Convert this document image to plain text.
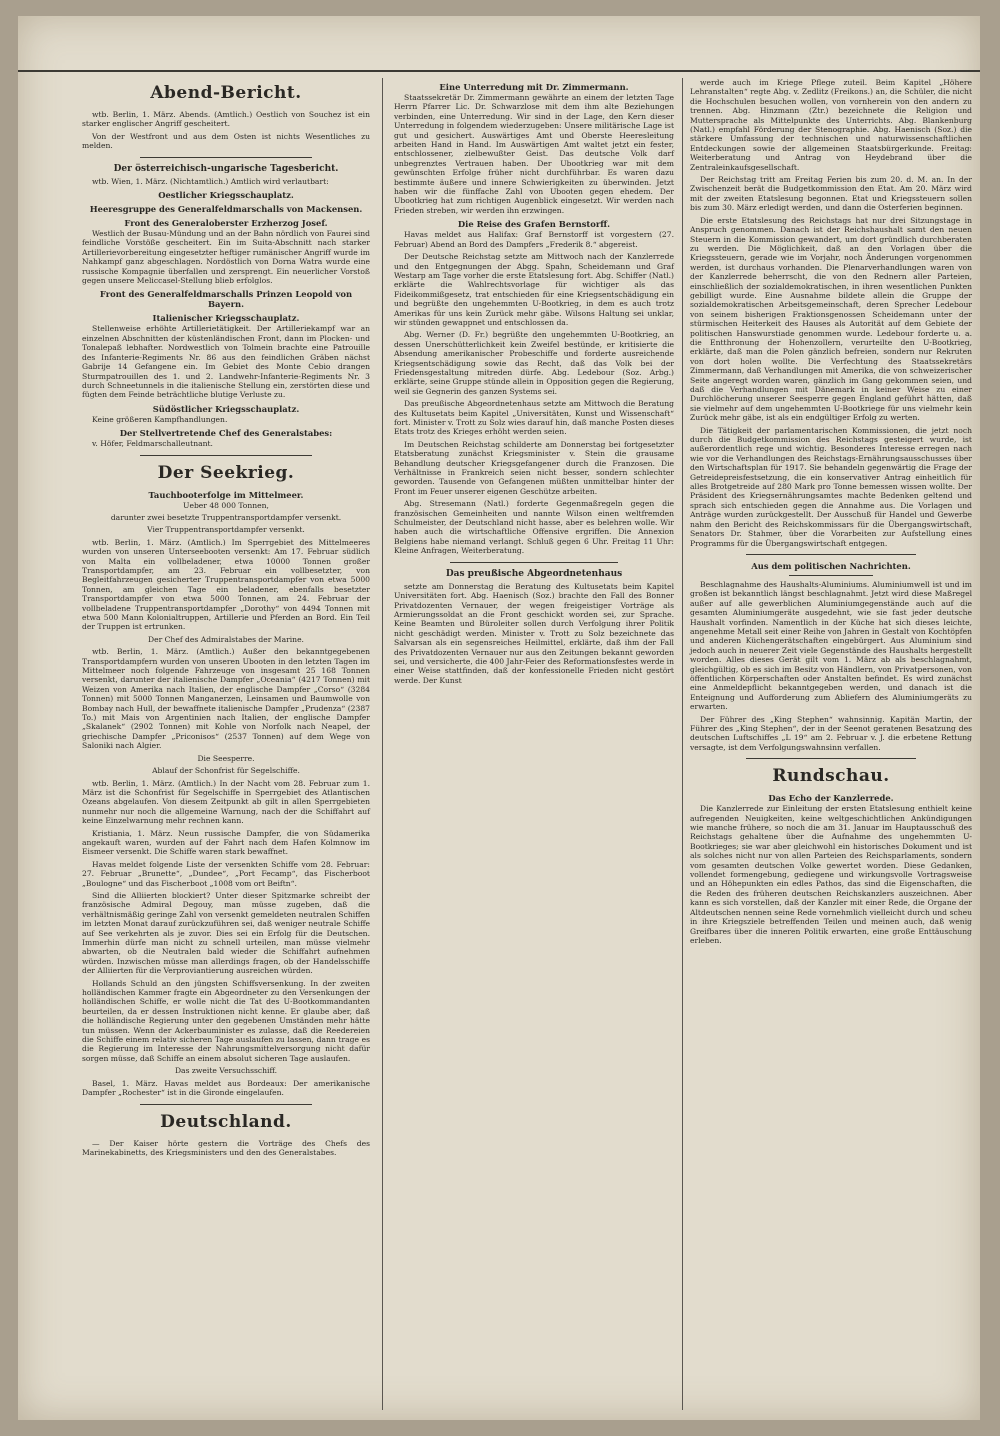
Abend-Bericht.

wtb. Berlin, 1. März. Abends. (Amtlich.) Oestlich von Souchez ist ein starker englischer Angriff gescheitert.

Von der Westfront und aus dem Osten ist nichts Wesentliches zu melden.

Der österreichisch-ungarische Tagesbericht.

wtb. Wien, 1. März. (Nichtamtlich.) Amtlich wird verlautbart:

Oestlicher Kriegsschauplatz.
Heeresgruppe des Generalfeldmarschalls von Mackensen.
Front des Generaloberster Erzherzog Josef.

Westlich der Busau-Mündung und an der Bahn nördlich von Faurei sind feindliche Vorstöße gescheitert. Ein im Suita-Abschnitt nach starker Artillerievorbereitung eingesetzter heftiger rumänischer Angriff wurde im Nahkampf ganz abgeschlagen. Nordöstlich von Dorna Watra wurde eine russische Kompagnie überfallen und zersprengt. Ein neuerlicher Vorstoß gegen unsere Meliccasel-Stellung blieb erfolglos.

Front des Generalfeldmarschalls Prinzen Leopold von Bayern.
Italienischer Kriegsschauplatz.

Stellenweise erhöhte Artillerietätigkeit. Der Artilleriekampf war an einzelnen Abschnitten der küstenländischen Front, dann im Plocken- und Tonalepaß lebhafter. Nordwestlich von Tolmein brachte eine Patrouille des Infanterie-Regiments Nr. 86 aus den feindlichen Gräben nächst Gabrije 14 Gefangene ein. Im Gebiet des Monte Cebio drangen Sturmpatrouillen des 1. und 2. Landwehr-Infanterie-Regiments Nr. 3 durch Schneetunnels in die italienische Stellung ein, zerstörten diese und fügten dem Feinde beträchtliche blutige Verluste zu.

Südöstlicher Kriegsschauplatz.

Keine größeren Kampfhandlungen.

Der Stellvertretende Chef des Generalstabes:

v. Höfer, Feldmarschalleutnant.

Der Seekrieg.
Tauchbooterfolge im Mittelmeer.

Ueber 48 000 Tonnen,

darunter zwei besetzte Truppentransportdampfer versenkt.

Vier Truppentransportdampfer versenkt.

wtb. Berlin, 1. März. (Amtlich.) Im Sperrgebiet des Mittelmeeres wurden von unseren Unterseebooten versenkt: Am 17. Februar südlich von Malta ein vollbeladener, etwa 10000 Tonnen großer Transportdampfer, am 23. Februar ein vollbesetzter, von Begleitfahrzeugen gesicherter Truppentransportdampfer von etwa 5000 Tonnen, am gleichen Tage ein beladener, ebenfalls besetzter Transportdampfer von etwa 5000 Tonnen, am 24. Februar der vollbeladene Truppentransportdampfer „Dorothy“ von 4494 Tonnen mit etwa 500 Mann Kolonialtruppen, Artillerie und Pferden an Bord. Ein Teil der Truppen ist ertrunken.

Der Chef des Admiralstabes der Marine.

wtb. Berlin, 1. März. (Amtlich.) Außer den bekanntgegebenen Transportdampfern wurden von unseren Ubooten in den letzten Tagen im Mittelmeer noch folgende Fahrzeuge von insgesamt 25 168 Tonnen versenkt, darunter der italienische Dampfer „Oceania“ (4217 Tonnen) mit Weizen von Amerika nach Italien, der englische Dampfer „Corso“ (3284 Tonnen) mit 5000 Tonnen Manganerzen, Leinsamen und Baumwolle von Bombay nach Hull, der bewaffnete italienische Dampfer „Prudenza“ (2387 To.) mit Mais von Argentinien nach Italien, der englische Dampfer „Skalanek“ (2902 Tonnen) mit Kohle von Norfolk nach Neapel, der griechische Dampfer „Priconisos“ (2537 Tonnen) auf dem Wege von Saloniki nach Algier.

Die Seesperre.

Ablauf der Schonfrist für Segelschiffe.

wtb. Berlin, 1. März. (Amtlich.) In der Nacht vom 28. Februar zum 1. März ist die Schonfrist für Segelschiffe in Sperrgebiet des Atlantischen Ozeans abgelaufen. Von diesem Zeitpunkt ab gilt in allen Sperrgebieten nunmehr nur noch die allgemeine Warnung, nach der die Schiffahrt auf keine Einzelwarnung mehr rechnen kann.

Kristiania, 1. März. Neun russische Dampfer, die von Südamerika angekauft waren, wurden auf der Fahrt nach dem Hafen Kolmnow im Eismeer versenkt. Die Schiffe waren stark bewaffnet.

Havas meldet folgende Liste der versenkten Schiffe vom 28. Februar: 27. Februar „Brunette“, „Dundee“, „Port Fecamp“, das Fischerboot „Boulogne“ und das Fischerboot „1008 vom ort Beiftn“.

Sind die Alliierten blockiert? Unter dieser Spitzmarke schreibt der französische Admiral Degouy, man müsse zugeben, daß die verhältnismäßig geringe Zahl von versenkt gemeldeten neutralen Schiffen im letzten Monat darauf zurückzuführen sei, daß weniger neutrale Schiffe auf See verkehrten als je zuvor. Dies sei ein Erfolg für die Deutschen. Immerhin dürfe man nicht zu schnell urteilen, man müsse vielmehr abwarten, ob die Neutralen bald wieder die Schiffahrt aufnehmen würden. Inzwischen müsse man allerdings fragen, ob der Handelsschiffe der Alliierten für die Verproviantierung ausreichen würden.

Hollands Schuld an den jüngsten Schiffsversenkung. In der zweiten holländischen Kammer fragte ein Abgeordneter zu den Versenkungen der holländischen Schiffe, er wolle nicht die Tat des U-Bootkommandanten beurteilen, da er dessen Instruktionen nicht kenne. Er glaube aber, daß die holländische Regierung unter den gegebenen Umständen mehr hätte tun müssen. Wenn der Ackerbauminister es zulasse, daß die Reedereien die Schiffe einem relativ sicheren Tage auslaufen zu lassen, dann trage es die Regierung im Interesse der Nahrungsmittelversorgung nicht dafür sorgen müsse, daß Schiffe an einem absolut sicheren Tage auslaufen.

Das zweite Versuchsschiff.

Basel, 1. März. Havas meldet aus Bordeaux: Der amerikanische Dampfer „Rochester“ ist in die Gironde eingelaufen.

Deutschland.

— Der Kaiser hörte gestern die Vorträge des Chefs des Marinekabinetts, des Kriegsministers und den des Generalstabes.

Eine Unterredung mit Dr. Zimmermann.

Staatssekretär Dr. Zimmermann gewährte an einem der letzten Tage Herrn Pfarrer Lic. Dr. Schwarzlose mit dem ihm alte Beziehungen verbinden, eine Unterredung. Wir sind in der Lage, den Kern dieser Unterredung in folgendem wiederzugeben: Unsere militärische Lage ist gut und gesichert. Auswärtiges Amt und Oberste Heeresleitung arbeiten Hand in Hand. Im Auswärtigen Amt waltet jetzt ein fester, entschlossener, zielbewußter Geist. Das deutsche Volk darf unbegrenztes Vertrauen haben. Der Ubootkrieg war mit dem gewünschten Erfolge früher nicht durchführbar. Es waren dazu bestimmte äußere und innere Schwierigkeiten zu überwinden. Jetzt haben wir die fünffache Zahl von Ubooten gegen ehedem. Der Ubootkrieg hat zum richtigen Augenblick eingesetzt. Wir werden nach Frieden streben, wir werden ihn erzwingen.

Die Reise des Grafen Bernstorff.

Havas meldet aus Halifax: Graf Bernstorff ist vorgestern (27. Februar) Abend an Bord des Dampfers „Frederik 8.“ abgereist.

Der Deutsche Reichstag setzte am Mittwoch nach der Kanzlerrede und den Entgegnungen der Abgg. Spahn, Scheidemann und Graf Westarp am Tage vorher die erste Etatslesung fort. Abg. Schiffer (Natl.) erklärte die Wahlrechtsvorlage für wichtiger als das Fideikommißgesetz, trat entschieden für eine Kriegsentschädigung ein und begrüßte den ungehemmten U-Bootkrieg, in dem es auch trotz Amerikas für uns kein Zurück mehr gäbe. Wilsons Haltung sei unklar, wir stünden gewappnet und entschlossen da.

Abg. Werner (D. Fr.) begrüßte den ungehemmten U-Bootkrieg, an dessen Unerschütterlichkeit kein Zweifel bestünde, er kritisierte die Absendung amerikanischer Probeschiffe und forderte ausreichende Kriegsentschädigung sowie das Recht, daß das Volk bei der Friedensgestaltung mitreden dürfe. Abg. Ledebour (Soz. Arbg.) erklärte, seine Gruppe stünde allein in Opposition gegen die Regierung, weil sie Gegnerin des ganzen Systems sei.

Das preußische Abgeordnetenhaus setzte am Mittwoch die Beratung des Kultusetats beim Kapitel „Universitäten, Kunst und Wissenschaft“ fort. Minister v. Trott zu Solz wies darauf hin, daß manche Posten dieses Etats trotz des Krieges erhöht werden seien.

Im Deutschen Reichstag schilderte am Donnerstag bei fortgesetzter Etatsberatung zunächst Kriegsminister v. Stein die grausame Behandlung deutscher Kriegsgefangener durch die Franzosen. Die Verhältnisse in Frankreich seien nicht besser, sondern schlechter geworden. Tausende von Gefangenen müßten unmittelbar hinter der Front im Feuer unserer eigenen Geschütze arbeiten.

Abg. Stresemann (Natl.) forderte Gegenmaßregeln gegen die französischen Gemeinheiten und nannte Wilson einen weltfremden Schulmeister, der Deutschland nicht hasse, aber es belehren wolle. Wir haben auch die wirtschaftliche Offensive ergriffen. Die Annexion Belgiens habe niemand verlangt. Schluß gegen 6 Uhr. Freitag 11 Uhr: Kleine Anfragen, Weiterberatung.

Das preußische Abgeordnetenhaus

setzte am Donnerstag die Beratung des Kultusetats beim Kapitel Universitäten fort. Abg. Haenisch (Soz.) brachte den Fall des Bonner Privatdozenten Vernauer, der wegen freigeistiger Vorträge als Armierungssoldat an die Front geschickt worden sei, zur Sprache. Keine Beamten und Büroleiter sollen durch Verfolgung ihrer Politik nicht geschädigt werden. Minister v. Trott zu Solz bezeichnete das Salvarsan als ein segensreiches Heilmittel, erklärte, daß ihm der Fall des Privatdozenten Vernauer nur aus den Zeitungen bekannt geworden sei, und versicherte, die 400 Jahr-Feier des Reformationsfestes werde in einer Weise stattfinden, daß der konfessionelle Frieden nicht gestört werde. Der Kunst

werde auch im Kriege Pflege zuteil. Beim Kapitel „Höhere Lehranstalten“ regte Abg. v. Zedlitz (Freikons.) an, die Schüler, die nicht die Hochschulen besuchen wollen, von vornherein von den andern zu trennen. Abg. Hinzmann (Ztr.) bezeichnete die Religion und Muttersprache als Mittelpunkte des Unterrichts. Abg. Blankenburg (Natl.) empfahl Förderung der Stenographie. Abg. Haenisch (Soz.) die stärkere Umfassung der technischen und naturwissenschaftlichen Entdeckungen sowie der allgemeinen Staatsbürgerkunde. Freitag: Weiterberatung und Antrag von Heydebrand über die Zentraleinkaufsgesellschaft.

Der Reichstag tritt am Freitag Ferien bis zum 20. d. M. an. In der Zwischenzeit berät die Budgetkommission den Etat. Am 20. März wird mit der zweiten Etatslesung begonnen. Etat und Kriegssteuern sollen bis zum 30. März erledigt werden, und dann die Osterferien beginnen.

Die erste Etatslesung des Reichstags hat nur drei Sitzungstage in Anspruch genommen. Danach ist der Reichshaushalt samt den neuen Steuern in die Kommission gewandert, um dort gründlich durchberaten zu werden. Die Möglichkeit, daß an den Vorlagen über die Kriegssteuern, gerade wie im Vorjahr, noch Änderungen vorgenommen werden, ist durchaus vorhanden. Die Plenarverhandlungen waren von der Kanzlerrede beherrscht, die von den Rednern aller Parteien, einschließlich der sozialdemokratischen, in ihren wesentlichen Punkten gebilligt wurde. Eine Ausnahme bildete allein die Gruppe der sozialdemokratischen Arbeitsgemeinschaft, deren Sprecher Ledebour von seinem bisherigen Fraktionsgenossen Scheidemann unter der stürmischen Heiterkeit des Hauses als Autorität auf dem Gebiete der politischen Hanswurstiade genommen wurde. Ledebour forderte u. a. die Entthronung der Hohenzollern, verurteilte den U-Bootkrieg, erklärte, daß man die Polen gänzlich befreien, sondern nur Rekruten von dort holen wollte. Die Verfechtung des Staatssekretärs Zimmermann, daß Verhandlungen mit Amerika, die von schweizerischer Seite angeregt worden waren, gänzlich im Gang gekommen seien, und daß die Verhandlungen mit Dänemark in keiner Weise zu einer Durchlöcherung unserer Seesperre gegen England geführt hätten, daß sie vielmehr auf dem ungehemmten U-Bootkriege für uns vielmehr kein Zurück mehr gäbe, ist als ein endgültiger Erfolg zu werten.

Die Tätigkeit der parlamentarischen Kommissionen, die jetzt noch durch die Budgetkommission des Reichstags gesteigert wurde, ist außerordentlich rege und wichtig. Besonderes Interesse erregen nach wie vor die Verhandlungen des Reichstags-Ernährungsausschusses über den Wirtschaftsplan für 1917. Sie behandeln gegenwärtig die Frage der Getreidepreisfestsetzung, die ein konservativer Antrag einheitlich für alles Brotgetreide auf 280 Mark pro Tonne bemessen wissen wollte. Der Präsident des Kriegsernährungsamtes machte Bedenken geltend und sprach sich entschieden gegen die Annahme aus. Die Vorlagen und Anträge wurden zurückgestellt. Der Ausschuß für Handel und Gewerbe nahm den Bericht des Reichskommissars für die Übergangswirtschaft, Senators Dr. Stahmer, über die Vorarbeiten zur Aufstellung eines Programms für die Übergangswirtschaft entgegen.

Aus dem politischen Nachrichten.

Beschlagnahme des Haushalts-Aluminiums. Aluminiumwell ist und im großen ist bekanntlich längst beschlagnahmt. Jetzt wird diese Maßregel außer auf alle gewerblichen Aluminiumgegenstände auch auf die gesamten Aluminiumgeräte ausgedehnt, wie sie fast jeder deutsche Haushalt vorfinden. Namentlich in der Küche hat sich dieses leichte, angenehme Metall seit einer Reihe von Jahren in Gestalt von Kochtöpfen und anderen Küchengerätschaften eingebürgert. Aus Aluminium sind jedoch auch in neuerer Zeit viele Gegenstände des Haushalts hergestellt worden. Alles dieses Gerät gilt vom 1. März ab als beschlagnahmt, gleichgültig, ob es sich im Besitz von Händlern, von Privatpersonen, von öffentlichen Körperschaften oder Anstalten befindet. Es wird zunächst eine Anmeldepflicht bekanntgegeben werden, und danach ist die Enteignung und Aufforderung zum Abliefern des Aluminiumgeräts zu erwarten.

Der Führer des „King Stephen“ wahnsinnig. Kapitän Martin, der Führer des „King Stephen“, der in der Seenot geratenen Besatzung des deutschen Luftschiffes „L 19“ am 2. Februar v. J. die erbetene Rettung versagte, ist dem Verfolgungswahnsinn verfallen.

Rundschau.
Das Echo der Kanzlerrede.

Die Kanzlerrede zur Einleitung der ersten Etatslesung enthielt keine aufregenden Neuigkeiten, keine weltgeschichtlichen Ankündigungen wie manche frühere, so noch die am 31. Januar im Hauptausschuß des Reichstags gehaltene über die Aufnahme des ungehemmten U-Bootkrieges; sie war aber gleichwohl ein historisches Dokument und ist als solches nicht nur von allen Parteien des Reichsparlaments, sondern vom gesamten deutschen Volke gewertet worden. Diese Gedanken, vollendet formengebung, gediegene und wirkungsvolle Vortragsweise und an Höhepunkten ein edles Pathos, das sind die Eigenschaften, die die Reden des früheren deutschen Reichskanzlers auszeichnen. Aber kann es sich vorstellen, daß der Kanzler mit einer Rede, die Organe der Altdeutschen nennen seine Rede vornehmlich vielleicht durch und scheu in ihre Kriegsziele betreffenden Teilen und meinen auch, daß wenig Greifbares über die inneren Politik erwarten, eine große Enttäuschung erleben.
